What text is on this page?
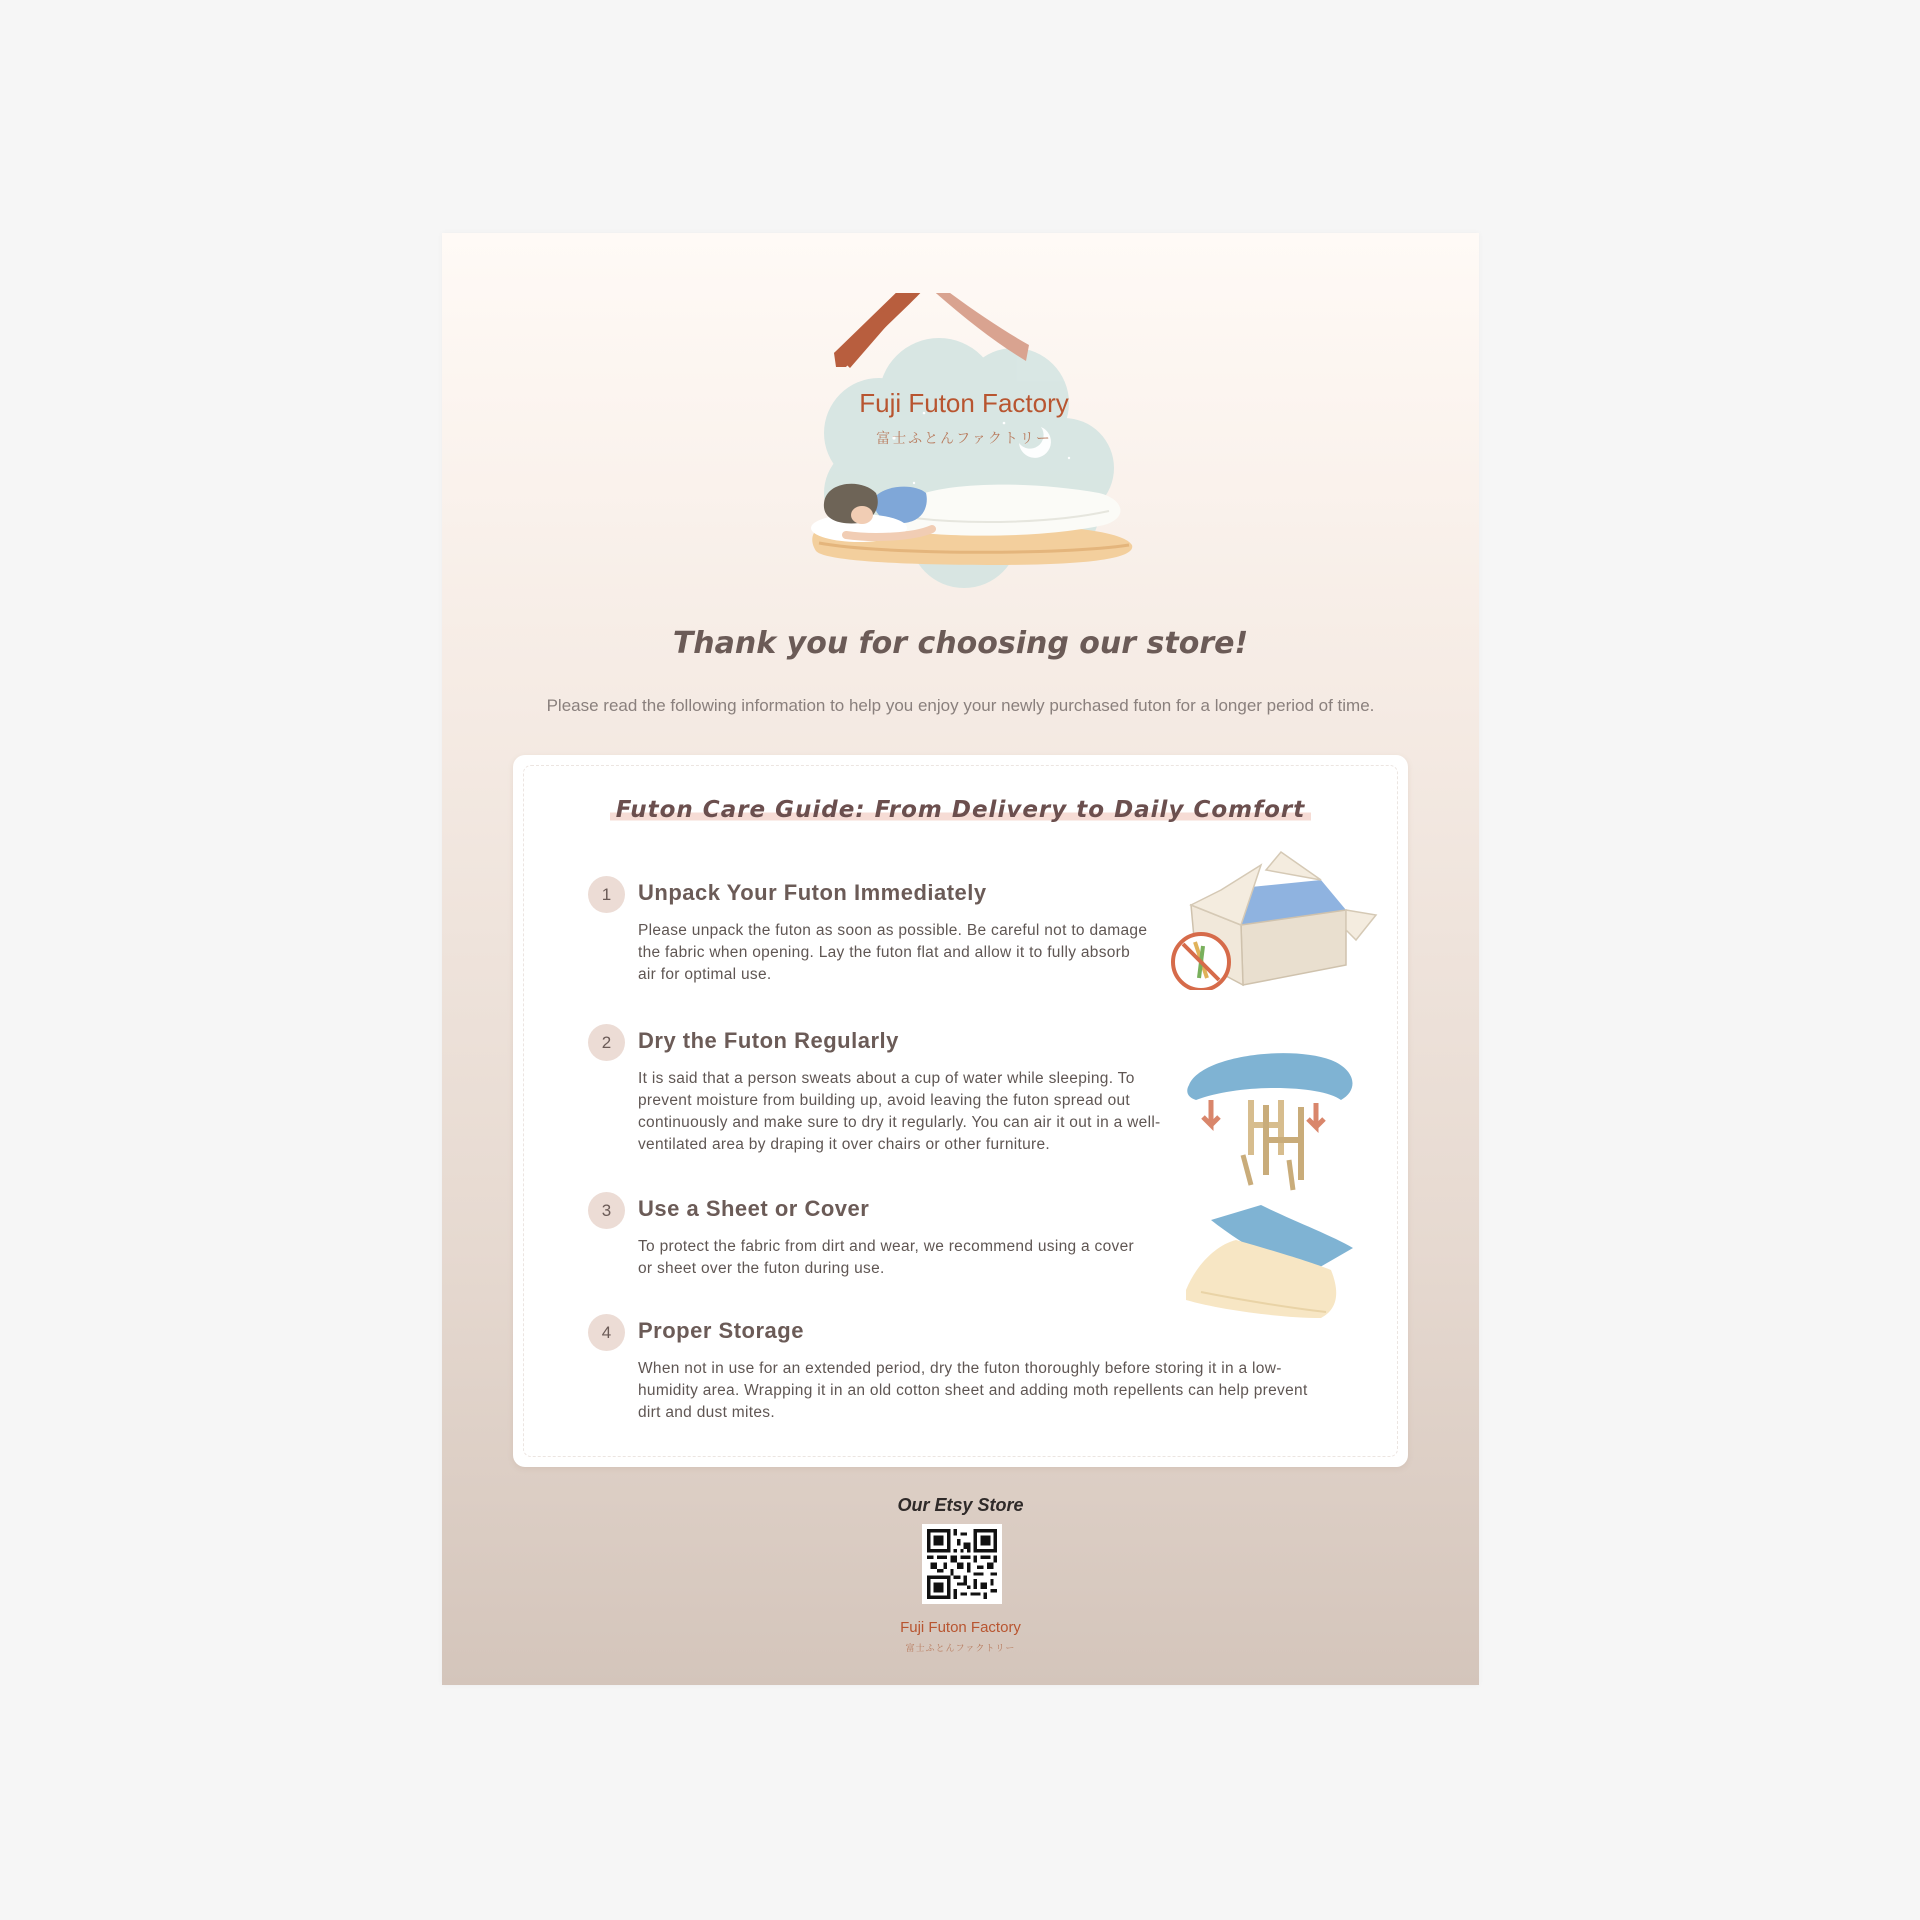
Fuji Futon Factory
富士ふとんファクトリー
Thank you for choosing our store!
Please read the following information to help you enjoy your newly purchased futon for a longer period of time.
Futon Care Guide: From Delivery to Daily Comfort
1	Unpack Your Futon Immediately
Please unpack the futon as soon as possible. Be careful not to damage the fabric when opening. Lay the futon flat and allow it to fully absorb air for optimal use.
2	Dry the Futon Regularly
It is said that a person sweats about a cup of water while sleeping. To prevent moisture from building up, avoid leaving the futon spread out continuously and make sure to dry it regularly. You can air it out in a well-ventilated area by draping it over chairs or other furniture.
3	Use a Sheet or Cover
To protect the fabric from dirt and wear, we recommend using a cover or sheet over the futon during use.
4	Proper Storage
When not in use for an extended period, dry the futon thoroughly before storing it in a low-humidity area. Wrapping it in an old cotton sheet and adding moth repellents can help prevent dirt and dust mites.
Our Etsy Store
Fuji Futon Factory
富士ふとんファクトリー
